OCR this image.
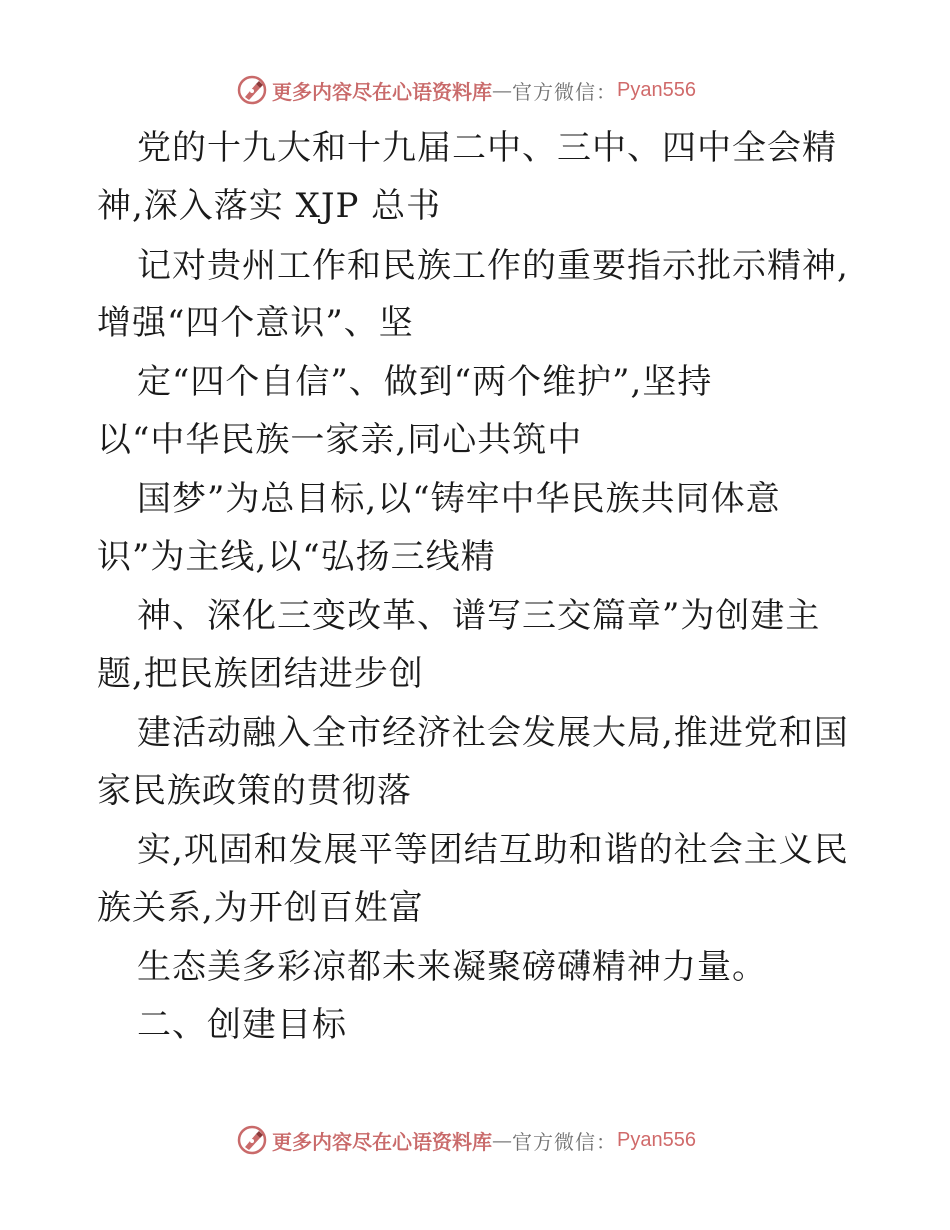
更多内容尽在心语资料库 — 官方微信： Pyan556
党的十九大和十九届二中、三中、四中全会精
神,深入落实 XJP 总书
记对贵州工作和民族工作的重要指示批示精神,
增强“四个意识”、坚
定“四个自信”、做到“两个维护”,坚持
以“中华民族一家亲,同心共筑中
国梦”为总目标,以“铸牢中华民族共同体意
识”为主线,以“弘扬三线精
神、深化三变改革、谱写三交篇章”为创建主
题,把民族团结进步创
建活动融入全市经济社会发展大局,推进党和国
家民族政策的贯彻落
实,巩固和发展平等团结互助和谐的社会主义民
族关系,为开创百姓富
生态美多彩凉都未来凝聚磅礴精神力量。
二、创建目标
更多内容尽在心语资料库 — 官方微信： Pyan556
